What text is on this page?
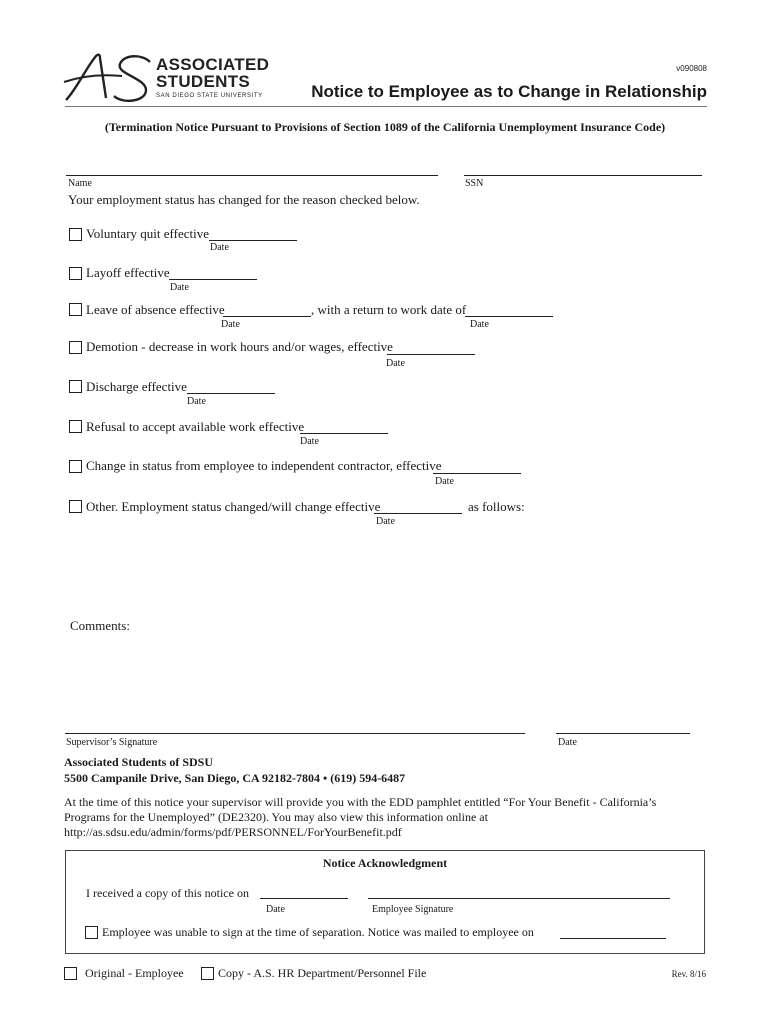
ASSOCIATED
STUDENTS
SAN DIEGO STATE UNIVERSITY
v090808
Notice to Employee as to Change in Relationship
(Termination Notice Pursuant to Provisions of Section 1089 of the California Unemployment Insurance Code)
Name	SSN
Your employment status has changed for the reason checked below.
Voluntary quit effective
Date
Layoff effective
Date
Leave of absence effective
Date
, with a return to work date of
Date
Demotion - decrease in work hours and/or wages, effective
Date
Discharge effective
Date
Refusal to accept available work effective
Date
Change in status from employee to independent contractor, effective
Date
Other. Employment status changed/will change effective
Date
as follows:
Comments:
Supervisor’s Signature	Date
Associated Students of SDSU
5500 Campanile Drive, San Diego, CA 92182-7804 • (619) 594-6487
At the time of this notice your supervisor will provide you with the EDD pamphlet entitled “For Your Benefit - California’s
Programs for the Unemployed” (DE2320). You may also view this information online at
http://as.sdsu.edu/admin/forms/pdf/PERSONNEL/ForYourBenefit.pdf
Notice Acknowledgment
I received a copy of this notice on
Date	Employee Signature
Employee was unable to sign at the time of separation. Notice was mailed to employee on
Original - Employee	Copy - A.S. HR Department/Personnel File	Rev. 8/16
